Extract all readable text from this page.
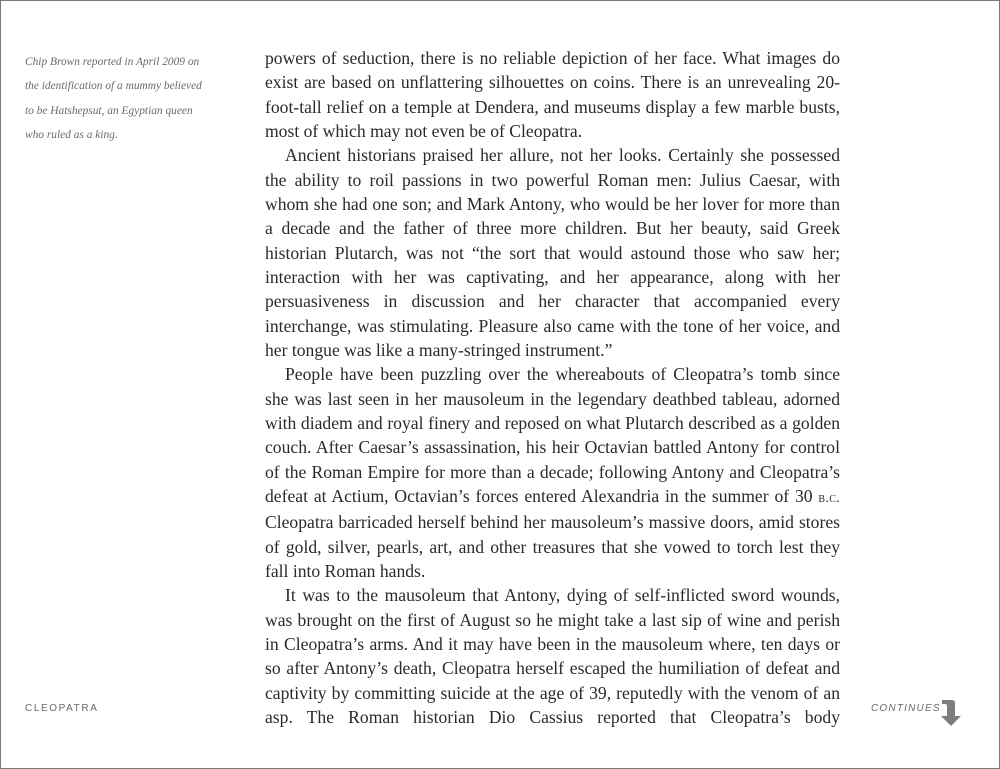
Chip Brown reported in April 2009 on
the identification of a mummy believed
to be Hatshepsut, an Egyptian queen
who ruled as a king.

powers of seduction, there is no reliable depiction of her face. What images do exist are based on unflattering silhouettes on coins. There is an unrevealing 20-foot-tall relief on a temple at Dendera, and museums display a few marble busts, most of which may not even be of Cleopatra.

Ancient historians praised her allure, not her looks. Certainly she possessed the ability to roil passions in two powerful Roman men: Julius Caesar, with whom she had one son; and Mark Antony, who would be her lover for more than a decade and the father of three more children. But her beauty, said Greek historian Plutarch, was not “the sort that would astound those who saw her; interaction with her was captivating, and her appearance, along with her persuasiveness in discussion and her character that accompanied every interchange, was stimulating. Pleasure also came with the tone of her voice, and her tongue was like a many-stringed instrument.”

People have been puzzling over the whereabouts of Cleopatra’s tomb since she was last seen in her mausoleum in the legendary deathbed tableau, adorned with diadem and royal finery and reposed on what Plutarch described as a golden couch. After Caesar’s assassination, his heir Octavian battled Antony for control of the Roman Empire for more than a decade; following Antony and Cleopatra’s defeat at Actium, Octavian’s forces entered Alexandria in the summer of 30 b.c. Cleopatra barricaded herself behind her mausoleum’s massive doors, amid stores of gold, silver, pearls, art, and other treasures that she vowed to torch lest they fall into Roman hands.

It was to the mausoleum that Antony, dying of self-inflicted sword wounds, was brought on the first of August so he might take a last sip of wine and perish in Cleopatra’s arms. And it may have been in the mausoleum where, ten days or so after Antony’s death, Cleopatra herself escaped the humiliation of defeat and captivity by committing suicide at the age of 39, reputedly with the venom of an asp. The Roman historian Dio Cassius reported that Cleopatra’s body

CLEOPATRA	CONTINUES
